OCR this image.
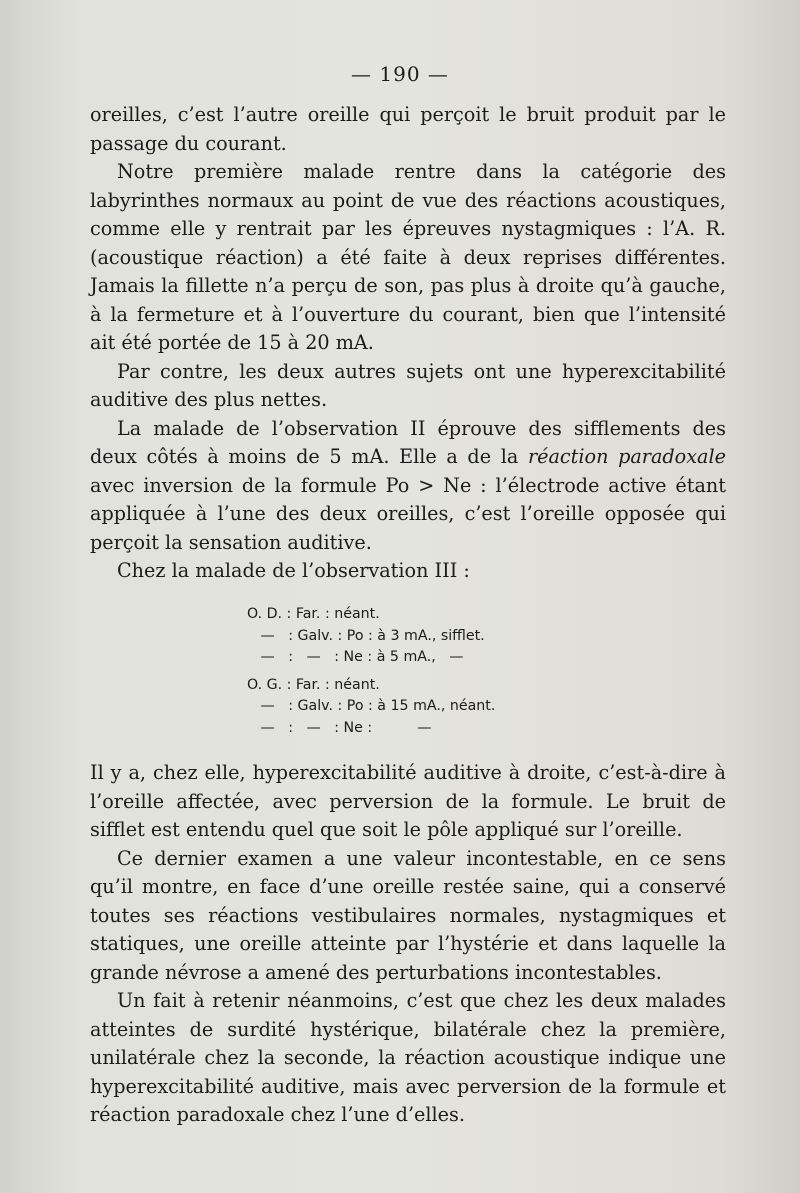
— 190 —

oreilles, c’est l’autre oreille qui perçoit le bruit produit par le passage du courant.

Notre première malade rentre dans la catégorie des labyrinthes normaux au point de vue des réactions acoustiques, comme elle y rentrait par les épreuves nystagmiques : l’A. R. (acoustique réaction) a été faite à deux reprises différentes. Jamais la fillette n’a perçu de son, pas plus à droite qu’à gauche, à la fermeture et à l’ouverture du courant, bien que l’intensité ait été portée de 15 à 20 mA.

Par contre, les deux autres sujets ont une hyperexcitabilité auditive des plus nettes.

La malade de l’observation II éprouve des sifflements des deux côtés à moins de 5 mA. Elle a de la réaction paradoxale avec inversion de la formule Po > Ne : l’électrode active étant appliquée à l’une des deux oreilles, c’est l’oreille opposée qui perçoit la sensation auditive.

Chez la malade de l’observation III :

O. D. : Far. : néant.
—   : Galv. : Po : à 3 mA., sifflet.
—   :   —   : Ne : à 5 mA.,   —
O. G. : Far. : néant.
—   : Galv. : Po : à 15 mA., néant.
—   :   —   : Ne :          —

Il y a, chez elle, hyperexcitabilité auditive à droite, c’est-à-dire à l’oreille affectée, avec perversion de la formule. Le bruit de sifflet est entendu quel que soit le pôle appliqué sur l’oreille.

Ce dernier examen a une valeur incontestable, en ce sens qu’il montre, en face d’une oreille restée saine, qui a conservé toutes ses réactions vestibulaires normales, nystagmiques et statiques, une oreille atteinte par l’hystérie et dans laquelle la grande névrose a amené des perturbations incontestables.

Un fait à retenir néanmoins, c’est que chez les deux malades atteintes de surdité hystérique, bilatérale chez la première, unilatérale chez la seconde, la réaction acoustique indique une hyperexcitabilité auditive, mais avec perversion de la formule et réaction paradoxale chez l’une d’elles.
